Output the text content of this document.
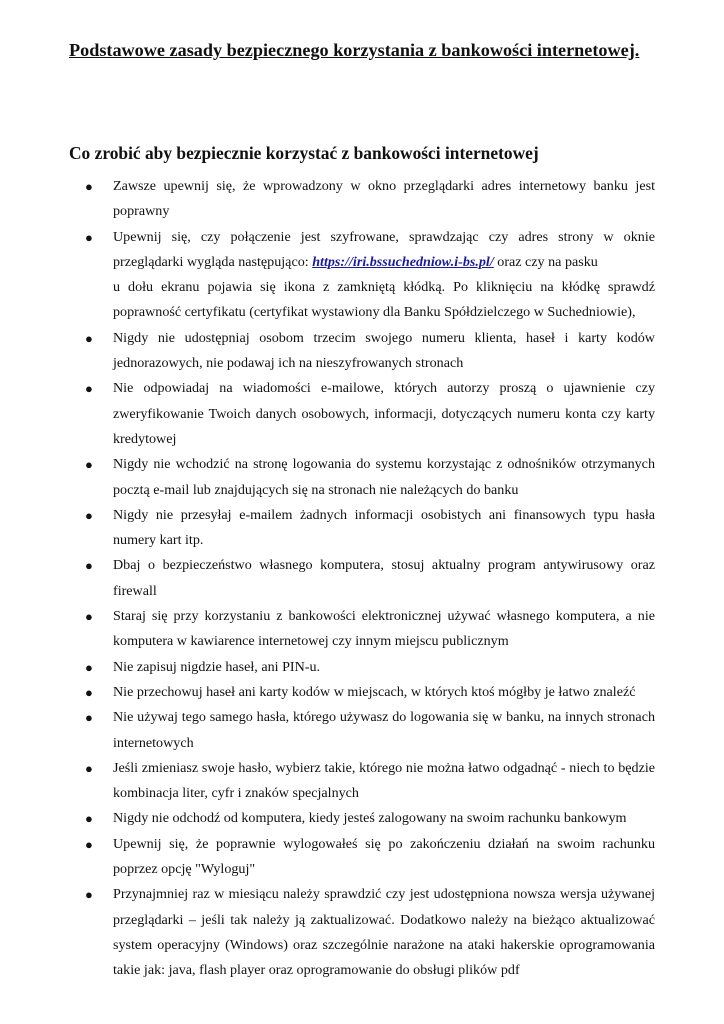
Podstawowe zasady bezpiecznego korzystania z bankowości internetowej.
Co zrobić aby bezpiecznie korzystać z bankowości internetowej
● Zawsze upewnij się, że wprowadzony w okno przeglądarki adres internetowy banku jest poprawny
● Upewnij się, czy połączenie jest szyfrowane, sprawdzając czy adres strony w oknie
przeglądarki wygląda następująco: https://iri.bssuchedniow.i-bs.pl/ oraz czy na pasku
u dołu ekranu pojawia się ikona z zamkniętą kłódką. Po kliknięciu na kłódkę sprawdź
poprawność certyfikatu (certyfikat wystawiony dla Banku Spółdzielczego w Suchedniowie),
● Nigdy nie udostępniaj osobom trzecim swojego numeru klienta, haseł i karty kodów jednorazowych, nie podawaj ich na nieszyfrowanych stronach
● Nie odpowiadaj na wiadomości e-mailowe, których autorzy proszą o ujawnienie czy zweryfikowanie Twoich danych osobowych, informacji, dotyczących numeru konta czy karty kredytowej
● Nigdy nie wchodzić na stronę logowania do systemu korzystając z odnośników otrzymanych pocztą e-mail lub znajdujących się na stronach nie należących do banku
● Nigdy nie przesyłaj e-mailem żadnych informacji osobistych ani finansowych typu hasła numery kart itp.
● Dbaj o bezpieczeństwo własnego komputera, stosuj aktualny program antywirusowy oraz firewall
● Staraj się przy korzystaniu z bankowości elektronicznej używać własnego komputera, a nie komputera w kawiarence internetowej czy innym miejscu publicznym
● Nie zapisuj nigdzie haseł, ani PIN-u.
● Nie przechowuj haseł ani karty kodów w miejscach, w których ktoś mógłby je łatwo znaleźć
● Nie używaj tego samego hasła, którego używasz do logowania się w banku, na innych stronach internetowych
● Jeśli zmieniasz swoje hasło, wybierz takie, którego nie można łatwo odgadnąć - niech to będzie kombinacja liter, cyfr i znaków specjalnych
● Nigdy nie odchodź od komputera, kiedy jesteś zalogowany na swoim rachunku bankowym
● Upewnij się, że poprawnie wylogowałeś się po zakończeniu działań na swoim rachunku poprzez opcję "Wyloguj"
● Przynajmniej raz w miesiącu należy sprawdzić czy jest udostępniona nowsza wersja używanej przeglądarki – jeśli tak należy ją zaktualizować. Dodatkowo należy na bieżąco aktualizować system operacyjny (Windows) oraz szczególnie narażone na ataki hakerskie oprogramowania takie jak: java, flash player oraz oprogramowanie do obsługi plików pdf
